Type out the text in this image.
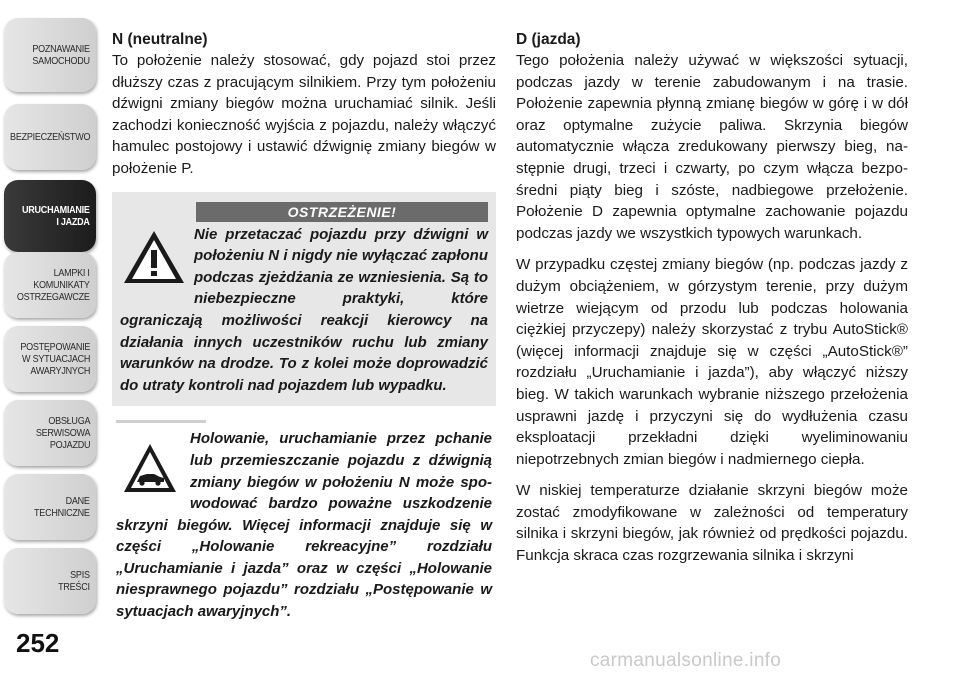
POZNAWANIE
SAMOCHODU
BEZPIECZEŃSTWO
URUCHAMIANIE
I JAZDA
LAMPKI I
KOMUNIKATY
OSTRZEGAWCZE
POSTĘPOWANIE
W SYTUACJACH
AWARYJNYCH
OBSŁUGA
SERWISOWA
POJAZDU
DANE
TECHNICZNE
SPIS
TREŚCI
252
N (neutralne)

To położenie należy stosować, gdy pojazd stoi przez dłuższy czas z pracującym silnikiem. Przy tym położeniu dźwigni zmiany biegów można uruchamiać silnik. Jeśli zachodzi konieczność wyjścia z pojazdu, należy włączyć hamulec postojowy i ustawić dźwignię zmiany biegów w położenie P.

OSTRZEŻENIE!
Nie przetaczać pojazdu przy dźwigni w położeniu N i nigdy nie wyłączać zapłonu podczas zjeżdżania ze wzniesienia. Są to niebezpieczne praktyki, które ograniczają możliwości reakcji kierowcy na działania innych uczestników ruchu lub zmiany warunków na drodze. To z kolei może doprowadzić do utraty kontroli nad pojazdem lub wypadku.
Holowanie, uruchamianie przez pchanie lub przemieszczanie pojazdu z dźwignią zmiany biegów w położeniu N może spowodować bardzo poważne uszkodzenie skrzyni biegów. Więcej informacji znajduje się w części „Holowanie rekreacyjne” rozdziału „Uruchamianie i jazda” oraz w części „Holowanie niesprawnego pojazdu” rozdziału „Postępowanie w sytuacjach awaryjnych”.
D (jazda)

Tego położenia należy używać w większości sytuacji, podczas jazdy w terenie zabudowanym i na trasie. Położenie zapewnia płynną zmianę biegów w górę i w dół oraz optymalne zużycie paliwa. Skrzynia biegów automatycznie włącza zredukowany pierwszy bieg, następnie drugi, trzeci i czwarty, po czym włącza bezpośredni piąty bieg i szóste, nadbiegowe przełożenie. Położenie D zapewnia optymalne zachowanie pojazdu podczas jazdy we wszystkich typowych warunkach.

W przypadku częstej zmiany biegów (np. podczas jazdy z dużym obciążeniem, w górzystym terenie, przy dużym wietrze wiejącym od przodu lub podczas holowania ciężkiej przyczepy) należy skorzystać z trybu AutoStick® (więcej informacji znajduje się w części „AutoStick®” rozdziału „Uruchamianie i jazda”), aby włączyć niższy bieg. W takich warunkach wybranie niższego przełożenia usprawni jazdę i przyczyni się do wydłużenia czasu eksploatacji przekładni dzięki wyeliminowaniu niepotrzebnych zmian biegów i nadmiernego ciepła.

W niskiej temperaturze działanie skrzyni biegów może zostać zmodyfikowane w zależności od temperatury silnika i skrzyni biegów, jak również od prędkości pojazdu. Funkcja skraca czas rozgrzewania silnika i skrzyni

carmanualsonline.info
